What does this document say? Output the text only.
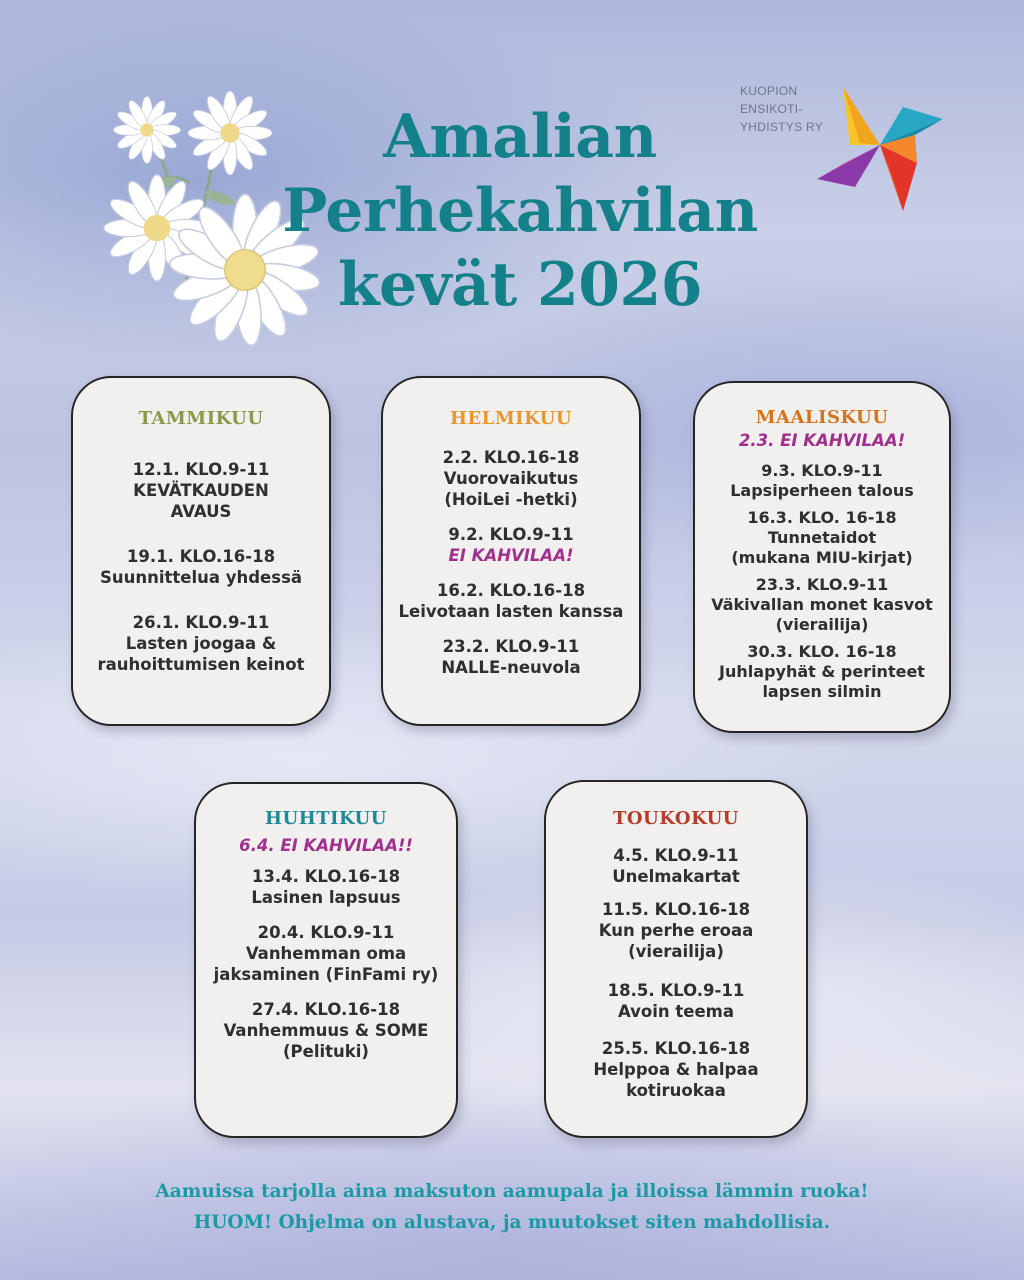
Amalian
Perhekahvilan
kevät 2026
KUOPION
ENSIKOTI-
YHDISTYS RY
TAMMIKUU
12.1. KLO.9-11
KEVÄTKAUDEN
AVAUS
19.1. KLO.16-18
Suunnittelua yhdessä
26.1. KLO.9-11
Lasten joogaa &
rauhoittumisen keinot
HELMIKUU
2.2. KLO.16-18
Vuorovaikutus
(HoiLei -hetki)
9.2. KLO.9-11
EI KAHVILAA!
16.2. KLO.16-18
Leivotaan lasten kanssa
23.2. KLO.9-11
NALLE-neuvola
MAALISKUU
2.3. EI KAHVILAA!
9.3. KLO.9-11
Lapsiperheen talous
16.3. KLO. 16-18
Tunnetaidot
(mukana MIU-kirjat)
23.3. KLO.9-11
Väkivallan monet kasvot
(vierailija)
30.3. KLO. 16-18
Juhlapyhät & perinteet
lapsen silmin
HUHTIKUU
6.4. EI KAHVILAA!!
13.4. KLO.16-18
Lasinen lapsuus
20.4. KLO.9-11
Vanhemman oma
jaksaminen (FinFami ry)
27.4. KLO.16-18
Vanhemmuus & SOME
(Pelituki)
TOUKOKUU
4.5. KLO.9-11
Unelmakartat
11.5. KLO.16-18
Kun perhe eroaa
(vierailija)
18.5. KLO.9-11
Avoin teema
25.5. KLO.16-18
Helppoa & halpaa
kotiruokaa
Aamuissa tarjolla aina maksuton aamupala ja illoissa lämmin ruoka!
HUOM! Ohjelma on alustava, ja muutokset siten mahdollisia.
